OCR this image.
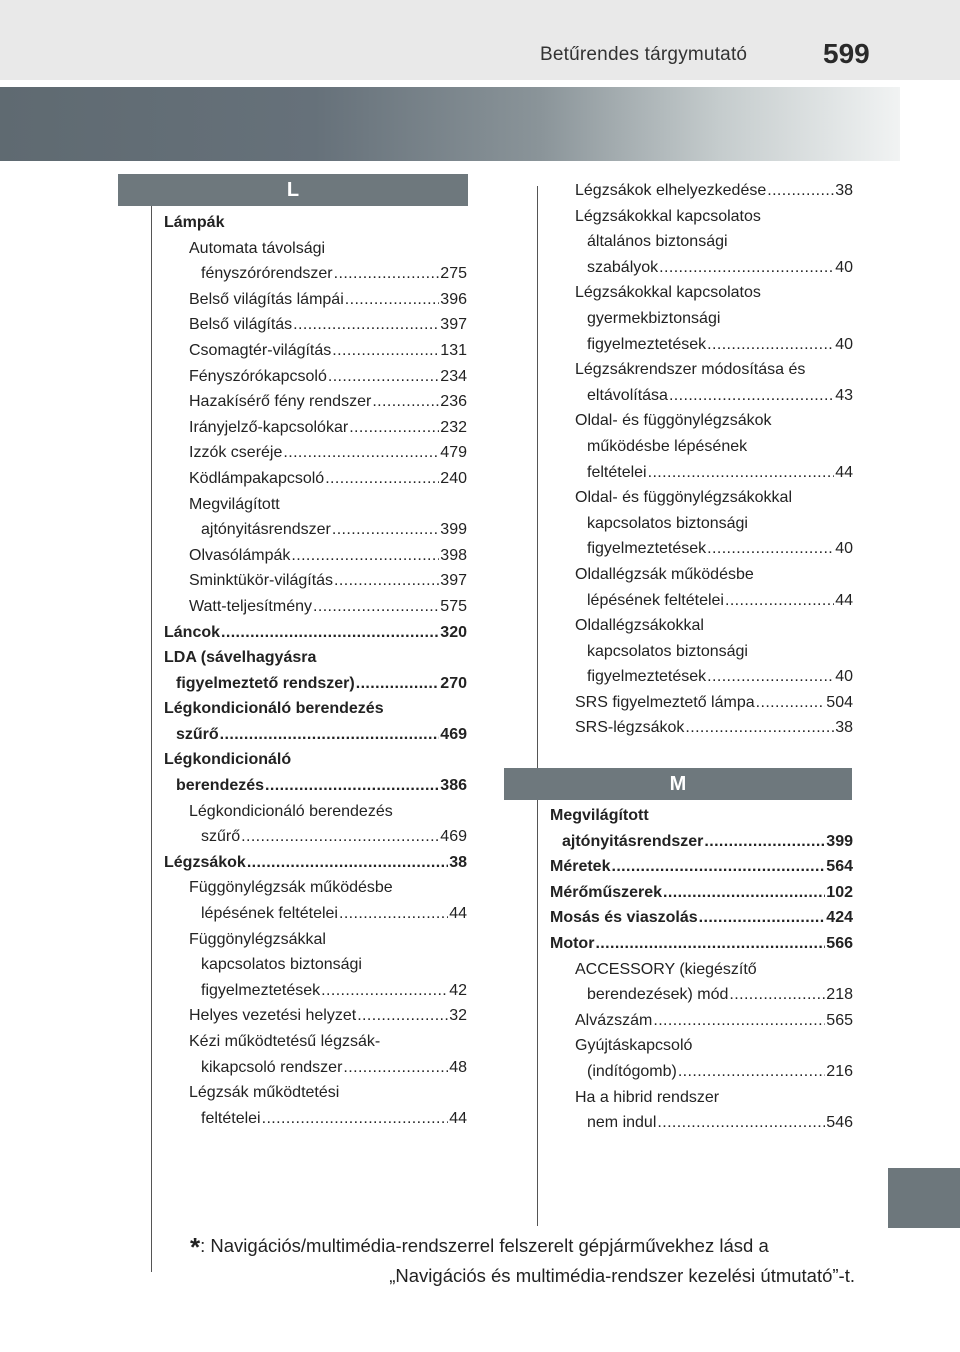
Betűrendes tárgymutató	599
L
M
Lámpák
Automata távolsági
fényszórórendszer .....	275
Belső világítás lámpái .....	396
Belső világítás .....	397
Csomagtér-világítás .....	131
Fényszórókapcsoló .....	234
Hazakísérő fény rendszer .....	236
Irányjelző-kapcsolókar .....	232
Izzók cseréje .....	479
Ködlámpakapcsoló .....	240
Megvilágított
ajtónyitásrendszer .....	399
Olvasólámpák .....	398
Sminktükör-világítás .....	397
Watt-teljesítmény .....	575
Láncok .....	320
LDA (sávelhagyásra
figyelmeztető rendszer) .....	270
Légkondicionáló berendezés
szűrő .....	469
Légkondicionáló
berendezés .....	386
Légkondicionáló berendezés
szűrő .....	469
Légzsákok .....	38
Függönylégzsák működésbe
lépésének feltételei .....	44
Függönylégzsákkal
kapcsolatos biztonsági
figyelmeztetések .....	42
Helyes vezetési helyzet .....	32
Kézi működtetésű légzsák-
kikapcsoló rendszer .....	48
Légzsák működtetési
feltételei .....	44
Légzsákok elhelyezkedése .....	38
Légzsákokkal kapcsolatos
általános biztonsági
szabályok .....	40
Légzsákokkal kapcsolatos
gyermekbiztonsági
figyelmeztetések .....	40
Légzsákrendszer módosítása és
eltávolítása .....	43
Oldal- és függönylégzsákok
működésbe lépésének
feltételei .....	44
Oldal- és függönylégzsákokkal
kapcsolatos biztonsági
figyelmeztetések .....	40
Oldallégzsák működésbe
lépésének feltételei .....	44
Oldallégzsákokkal
kapcsolatos biztonsági
figyelmeztetések .....	40
SRS figyelmeztető lámpa .....	504
SRS-légzsákok .....	38
Megvilágított
ajtónyitásrendszer .....	399
Méretek .....	564
Mérőműszerek .....	102
Mosás és viaszolás .....	424
Motor .....	566
ACCESSORY (kiegészítő
berendezések) mód .....	218
Alvázszám .....	565
Gyújtáskapcsoló
(indítógomb) .....	216
Ha a hibrid rendszer
nem indul .....	546
*: Navigációs/multimédia-rendszerrel felszerelt gépjárművekhez lásd a
„Navigációs és multimédia-rendszer kezelési útmutató”-t.
